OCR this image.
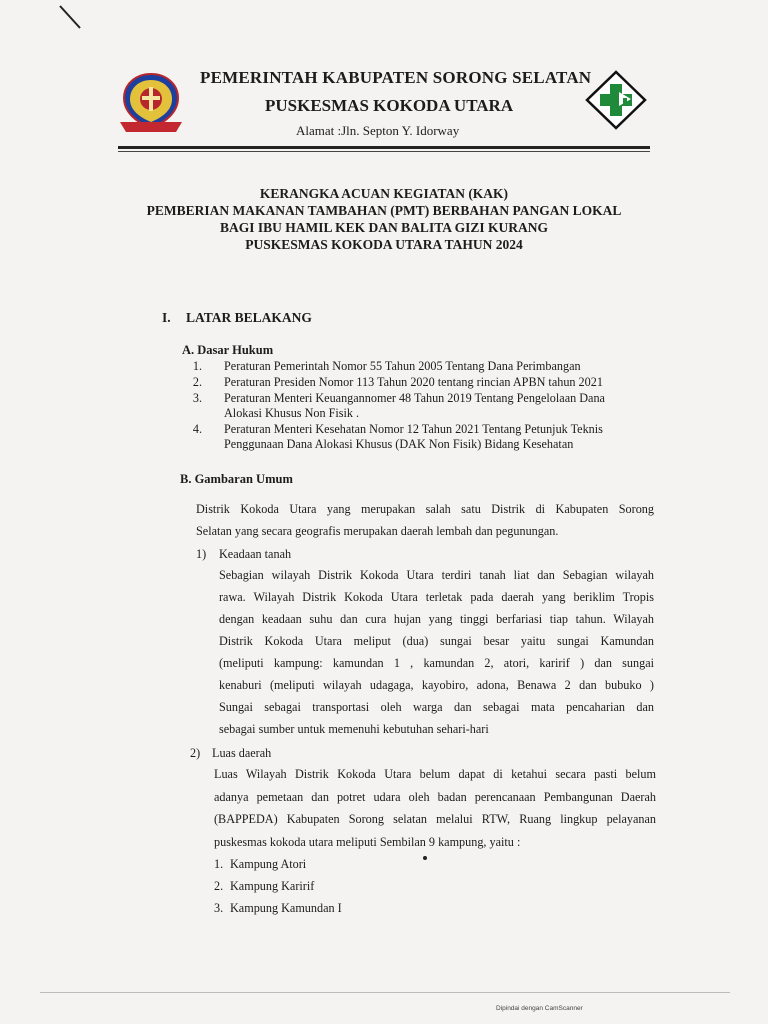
PEMERINTAH KABUPATEN SORONG SELATAN
PUSKESMAS KOKODA UTARA
Alamat :Jln. Septon Y. Idorway
KERANGKA ACUAN KEGIATAN (KAK)
PEMBERIAN MAKANAN TAMBAHAN (PMT) BERBAHAN PANGAN LOKAL
BAGI IBU HAMIL KEK DAN BALITA GIZI KURANG
PUSKESMAS KOKODA UTARA TAHUN 2024
I. LATAR BELAKANG
A. Dasar Hukum
1. Peraturan Pemerintah Nomor 55 Tahun 2005 Tentang Dana Perimbangan
2. Peraturan Presiden Nomor 113 Tahun 2020 tentang rincian APBN tahun 2021
3. Peraturan Menteri Keuangannomer 48 Tahun 2019 Tentang Pengelolaan Dana
Alokasi Khusus Non Fisik .
4. Peraturan Menteri Kesehatan Nomor 12 Tahun 2021 Tentang Petunjuk Teknis
Penggunaan Dana Alokasi Khusus (DAK Non Fisik) Bidang Kesehatan
B. Gambaran Umum
Distrik Kokoda Utara yang merupakan salah satu Distrik di Kabupaten Sorong
Selatan yang secara geografis merupakan daerah lembah dan pegunungan.
1) Keadaan tanah
Sebagian wilayah Distrik Kokoda Utara terdiri tanah liat dan Sebagian wilayah
rawa. Wilayah Distrik Kokoda Utara terletak pada daerah yang beriklim Tropis
dengan keadaan suhu dan cura hujan yang tinggi berfariasi tiap tahun. Wilayah
Distrik Kokoda Utara meliput (dua) sungai besar yaitu sungai Kamundan
(meliputi kampung: kamundan 1 , kamundan 2, atori, karirif ) dan sungai
kenaburi (meliputi wilayah udagaga, kayobiro, adona, Benawa 2 dan bubuko )
Sungai sebagai transportasi oleh warga dan sebagai mata pencaharian dan
sebagai sumber untuk memenuhi kebutuhan sehari-hari
2) Luas daerah
Luas Wilayah Distrik Kokoda Utara belum dapat di ketahui secara pasti belum
adanya pemetaan dan potret udara oleh badan perencanaan Pembangunan Daerah
(BAPPEDA) Kabupaten Sorong selatan melalui RTW, Ruang lingkup pelayanan
puskesmas kokoda utara meliputi Sembilan 9 kampung, yaitu :
1. Kampung Atori
2. Kampung Karirif
3. Kampung Kamundan I
Dipindai dengan CamScanner
